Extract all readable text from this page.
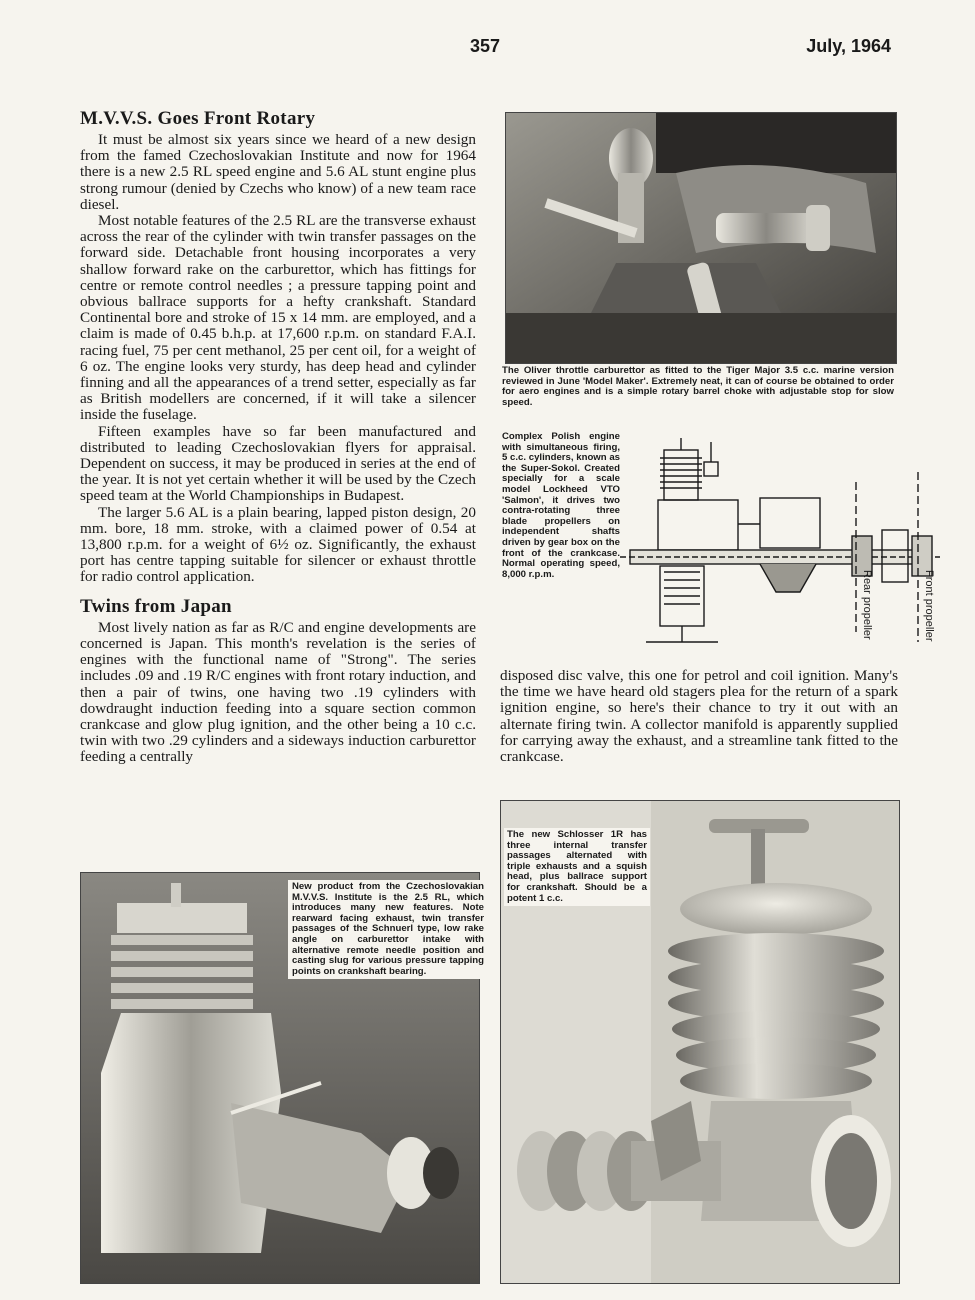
357	July, 1964
M.V.V.S. Goes Front Rotary

It must be almost six years since we heard of a new design from the famed Czechoslovakian Institute and now for 1964 there is a new 2.5 RL speed engine and 5.6 AL stunt engine plus strong rumour (denied by Czechs who know) of a new team race diesel.

Most notable features of the 2.5 RL are the transverse exhaust across the rear of the cylinder with twin transfer passages on the forward side. Detachable front housing incorporates a very shallow forward rake on the carburettor, which has fittings for centre or remote control needles ; a pressure tapping point and obvious ballrace supports for a hefty crankshaft. Standard Continental bore and stroke of 15 x 14 mm. are employed, and a claim is made of 0.45 b.h.p. at 17,600 r.p.m. on standard F.A.I. racing fuel, 75 per cent methanol, 25 per cent oil, for a weight of 6 oz. The engine looks very sturdy, has deep head and cylinder finning and all the appearances of a trend setter, especially as far as British modellers are concerned, if it will take a silencer inside the fuselage.

Fifteen examples have so far been manufactured and distributed to leading Czechoslovakian flyers for appraisal. Dependent on success, it may be produced in series at the end of the year. It is not yet certain whether it will be used by the Czech speed team at the World Championships in Budapest.

The larger 5.6 AL is a plain bearing, lapped piston design, 20 mm. bore, 18 mm. stroke, with a claimed power of 0.54 at 13,800 r.p.m. for a weight of 6½ oz. Significantly, the exhaust port has centre tapping suitable for silencer or exhaust throttle for radio control application.

Twins from Japan

Most lively nation as far as R/C and engine developments are concerned is Japan. This month's revelation is the series of engines with the functional name of "Strong". The series includes .09 and .19 R/C engines with front rotary induction, and then a pair of twins, one having two .19 cylinders with dowdraught induction feeding into a square section common crankcase and glow plug ignition, and the other being a 10 c.c. twin with two .29 cylinders and a sideways induction carburettor feeding a centrally

disposed disc valve, this one for petrol and coil ignition. Many's the time we have heard old stagers plea for the return of a spark ignition engine, so here's their chance to try it out with an alternate firing twin. A collector manifold is apparently supplied for carrying away the exhaust, and a streamline tank fitted to the crankcase.

The Oliver throttle carburettor as fitted to the Tiger Major 3.5 c.c. marine version reviewed in June 'Model Maker'. Extremely neat, it can of course be obtained to order for aero engines and is a simple rotary barrel choke with adjustable stop for slow speed.

Complex Polish engine with simultaneous firing, 5 c.c. cylinders, known as the Super-Sokol. Created specially for a scale model Lockheed VTO 'Salmon', it drives two contra-rotating three blade propellers on independent shafts driven by gear box on the front of the crankcase. Normal operating speed, 8,000 r.p.m.	Rear propeller	Front propeller
New product from the Czechoslovakian M.V.V.S. Institute is the 2.5 RL, which introduces many new features. Note rearward facing exhaust, twin transfer passages of the Schnuerl type, low rake angle on carburettor intake with alternative remote needle position and casting slug for various pressure tapping points on crankshaft bearing.
The new Schlosser 1R has three internal transfer passages alternated with triple exhausts and a squish head, plus ballrace support for crankshaft. Should be a potent 1 c.c.
